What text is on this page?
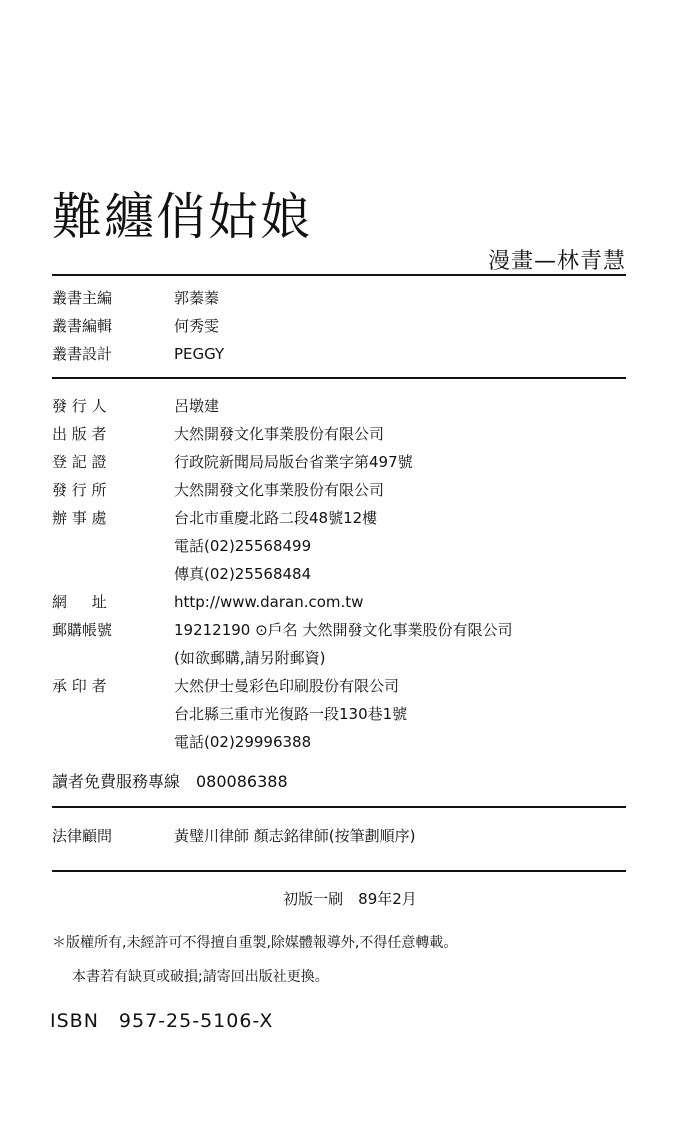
難纏俏姑娘
漫畫—林青慧
叢書主編	郭蓁蓁
叢書編輯	何秀雯
叢書設計	PEGGY
發 行 人	呂墩建
出 版 者	大然開發文化事業股份有限公司
登 記 證	行政院新聞局局版台省業字第497號
發 行 所	大然開發文化事業股份有限公司
辦 事 處	台北市重慶北路二段48號12樓
電話(02)25568499
傳真(02)25568484
網 址	http://www.daran.com.tw
郵購帳號	19212190 ⊙戶名 大然開發文化事業股份有限公司
(如欲郵購,請另附郵資)
承 印 者	大然伊士曼彩色印刷股份有限公司
台北縣三重市光復路一段130巷1號
電話(02)29996388
讀者免費服務專線　080086388
法律顧問	黃璧川律師 顏志銘律師(按筆劃順序)
初版一刷　89年2月
＊版權所有,未經許可不得擅自重製,除媒體報導外,不得任意轉載。
本書若有缺頁或破損;請寄回出版社更換。
ISBN　957-25-5106-X
